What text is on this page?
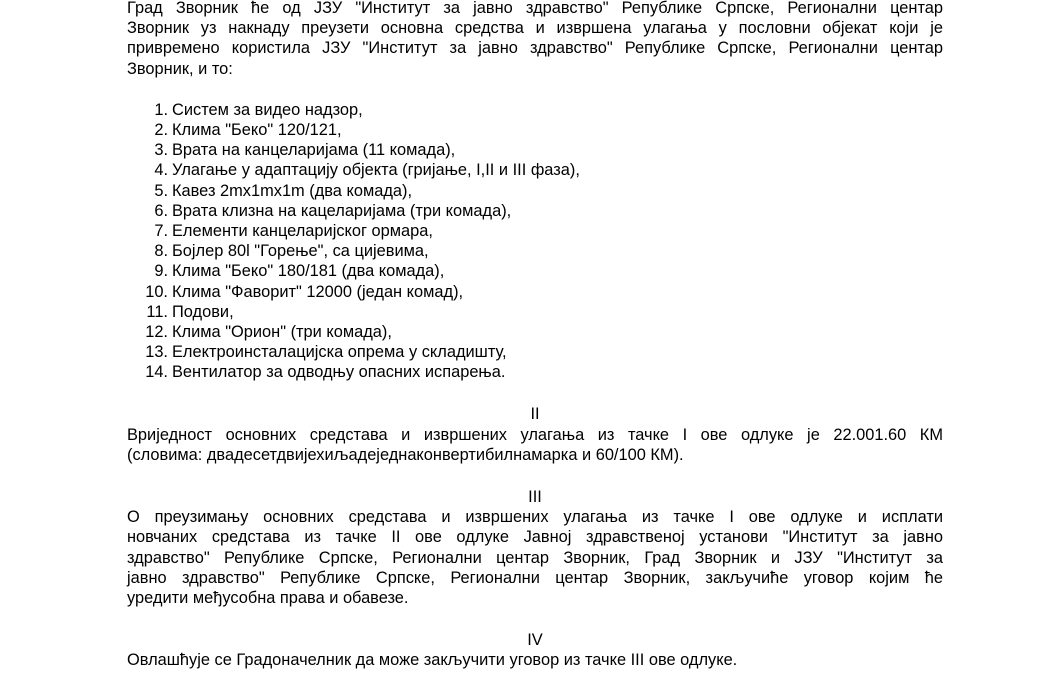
Град Зворник ће од ЈЗУ "Институт за јавно здравство" Републике Српске, Регионални центар
Зворник уз накнаду преузети основна средства и извршена улагања у пословни објекат који је
привремено користила ЈЗУ "Институт за јавно здравство" Републике Српске, Регионални центар
Зворник, и то:

1. Систем за видео надзор,
2. Клима "Беко" 120/121,
3. Врата на канцеларијама (11 комада),
4. Улагање у адаптацију објекта (гријање, I,II и III фаза),
5. Кавез 2mx1mx1m (два комада),
6. Врата клизна на кацеларијама (три комада),
7. Елементи канцеларијског ормара,
8. Бојлер 80l "Горење", са цијевима,
9. Клима "Беко" 180/181 (два комада),
10. Клима "Фаворит" 12000 (један комад),
11. Подови,
12. Клима "Орион" (три комада),
13. Електроинсталацијска опрема у складишту,
14. Вентилатор за одводњу опасних испарења.

II

Вриједност основних средстава и извршених улагања из тачке I ове одлуке је 22.001.60 КМ
(словима: двадесетдвијехиљадеједнаконвертибилнамарка и 60/100 КМ).

III

О преузимању основних средстава и извршених улагања из тачке I ове одлуке и исплати
новчаних средстава из тачке II ове одлуке Јавној здравственој установи "Институт за јавно
здравство" Републике Српске, Регионални центар Зворник, Град Зворник и ЈЗУ "Институт за
јавно здравство" Републике Српске, Регионални центар Зворник, закључиће уговор којим ће
уредити међусобна права и обавезе.

IV

Овлашћује се Градоначелник да може закључити уговор из тачке III ове одлуке.
